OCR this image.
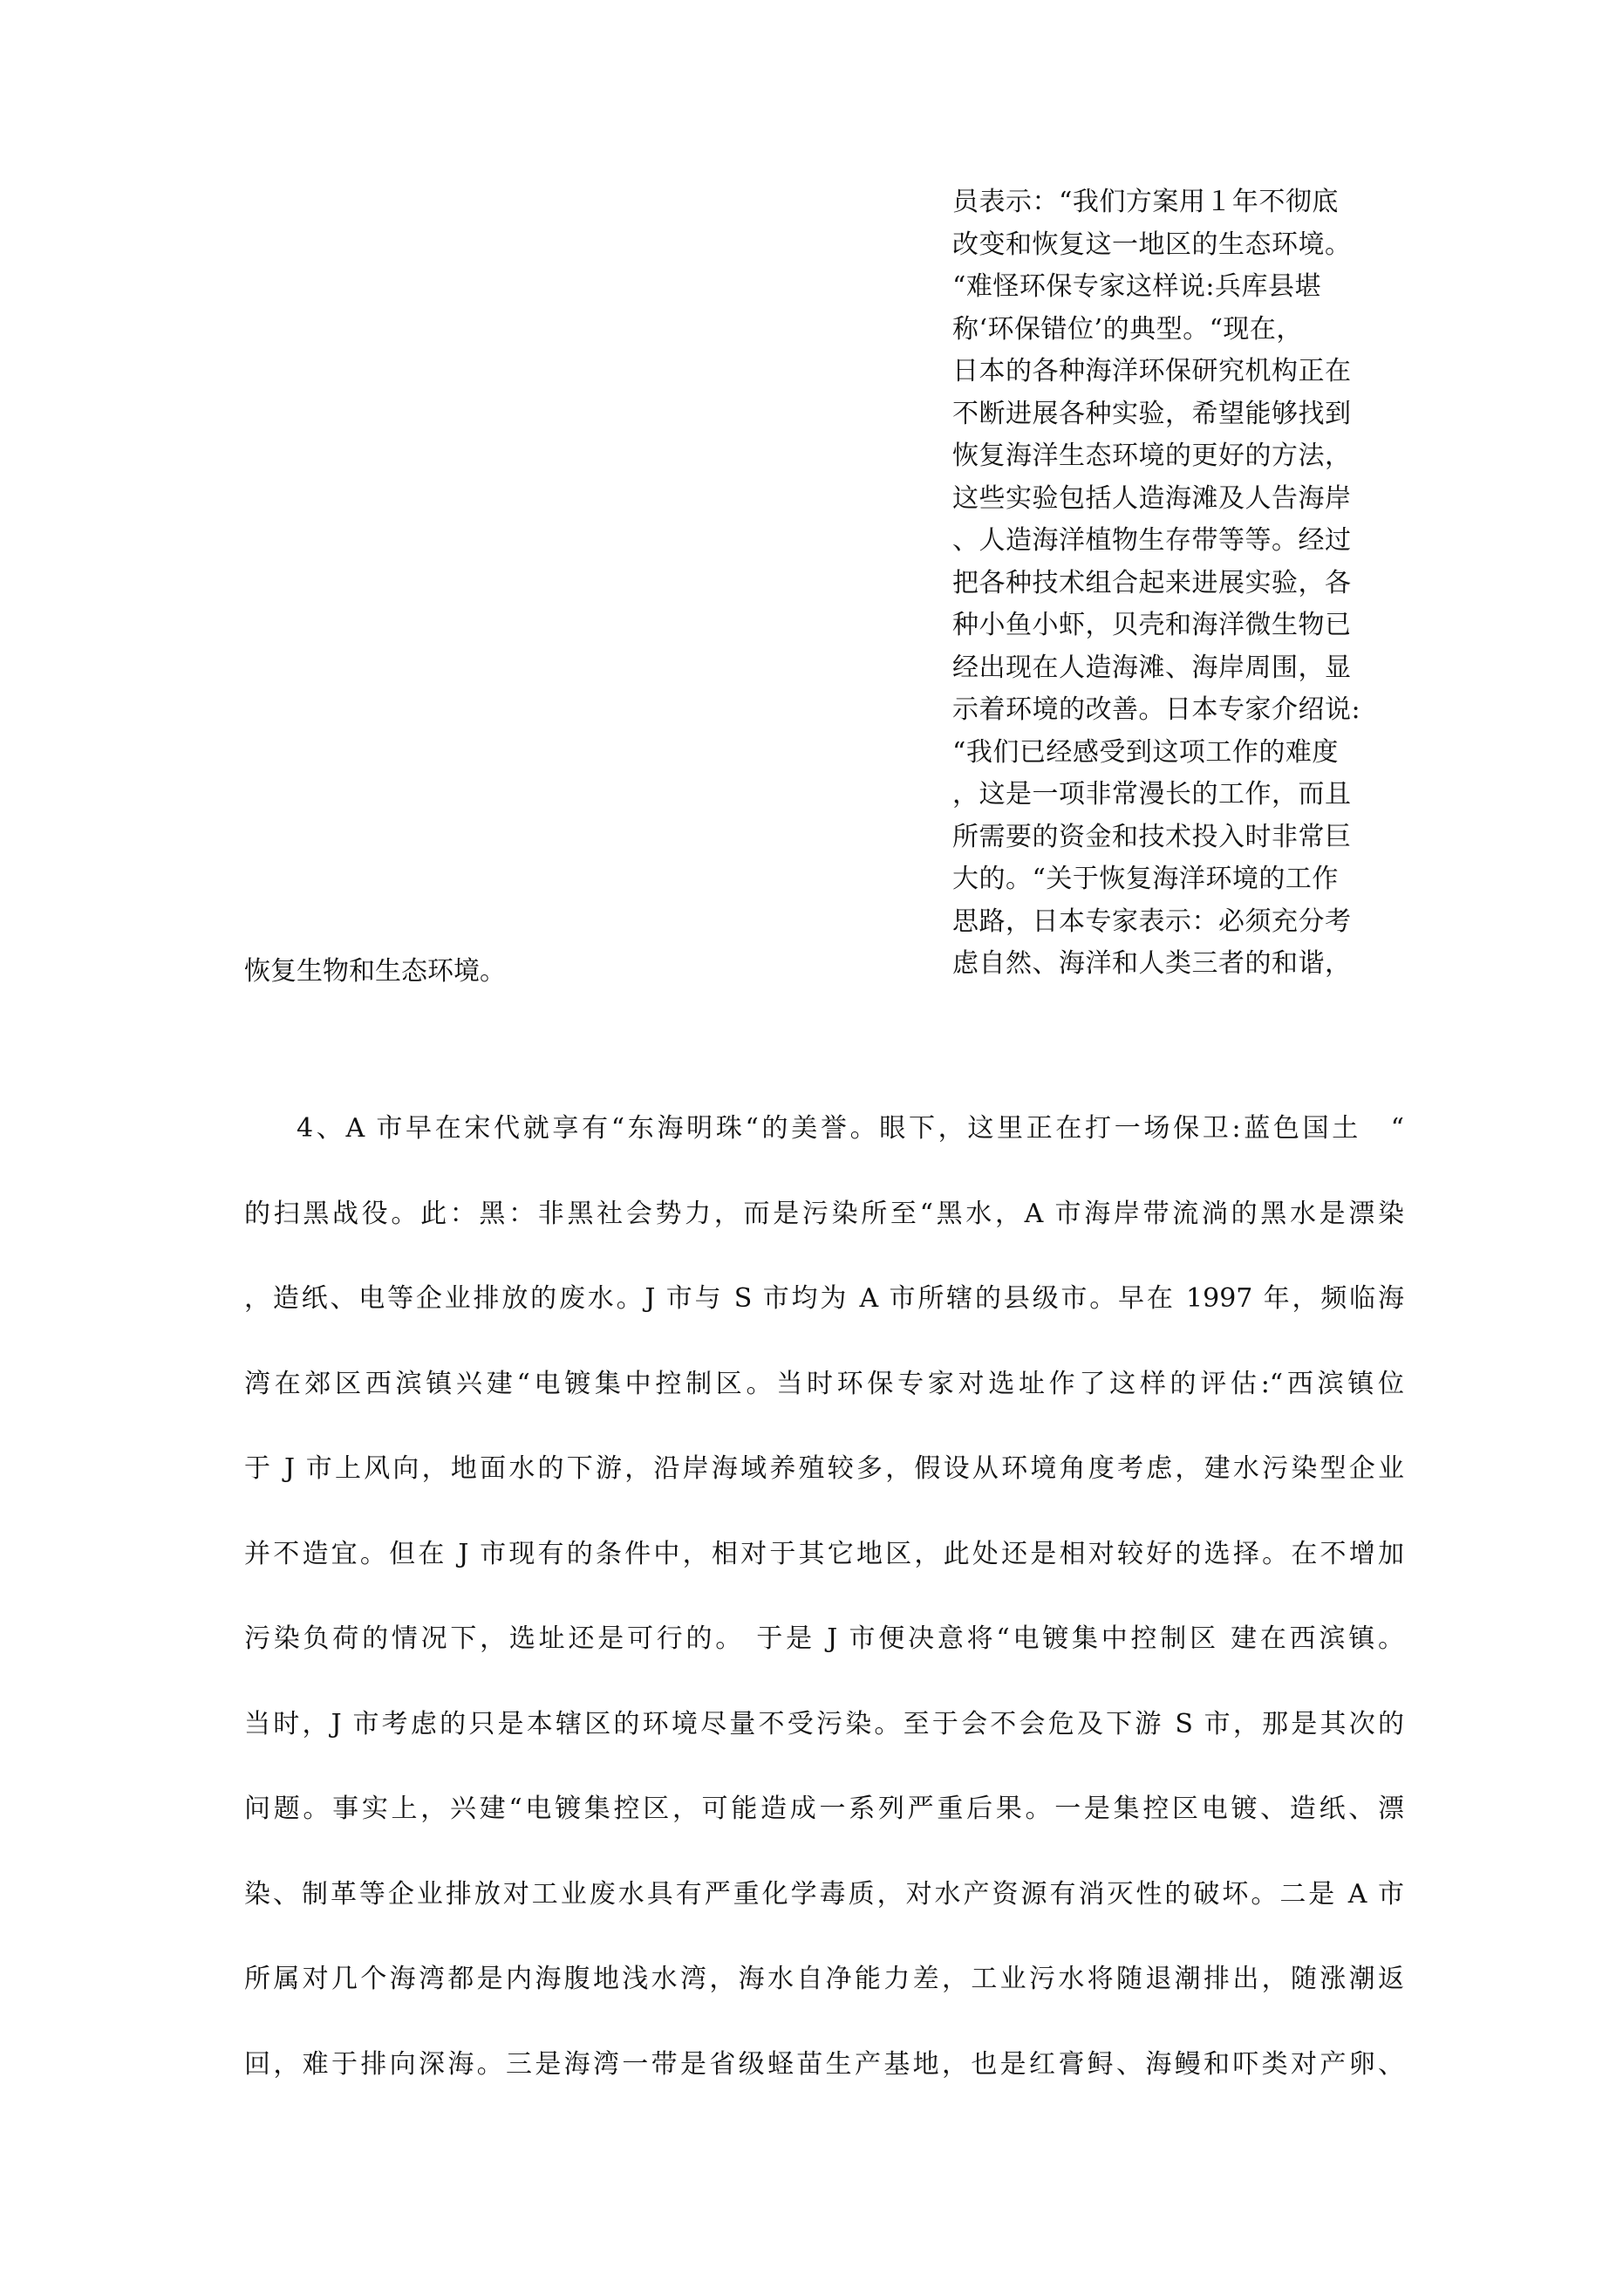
员表示：“我们方案用１年不彻底
改变和恢复这一地区的生态环境。
“难怪环保专家这样说:兵库县堪
称‘环保错位’的典型。“现在，
日本的各种海洋环保研究机构正在
不断进展各种实验，希望能够找到
恢复海洋生态环境的更好的方法，
这些实验包括人造海滩及人告海岸
、人造海洋植物生存带等等。经过
把各种技术组合起来进展实验，各
种小鱼小虾，贝壳和海洋微生物已
经出现在人造海滩、海岸周围，显
示着环境的改善。日本专家介绍说:
“我们已经感受到这项工作的难度
，这是一项非常漫长的工作，而且
所需要的资金和技术投入时非常巨
大的。“关于恢复海洋环境的工作
思路，日本专家表示：必须充分考
虑自然、海洋和人类三者的和谐，
恢复生物和生态环境。
4、A 市早在宋代就享有“东海明珠“的美誉。眼下，这里正在打一场保卫:蓝色国土　“
的扫黑战役。此：黑：非黑社会势力，而是污染所至“黑水，A 市海岸带流淌的黑水是漂染
，造纸、电等企业排放的废水。J 市与 S 市均为 A 市所辖的县级市。早在 1997 年，频临海
湾在郊区西滨镇兴建“电镀集中控制区。当时环保专家对选址作了这样的评估:“西滨镇位
于 J 市上风向，地面水的下游，沿岸海域养殖较多，假设从环境角度考虑，建水污染型企业
并不造宜。但在 J 市现有的条件中，相对于其它地区，此处还是相对较好的选择。在不增加
污染负荷的情况下，选址还是可行的。 于是 J 市便决意将“电镀集中控制区 建在西滨镇。
当时，J 市考虑的只是本辖区的环境尽量不受污染。至于会不会危及下游 S 市，那是其次的
问题。事实上，兴建“电镀集控区，可能造成一系列严重后果。一是集控区电镀、造纸、漂
染、制革等企业排放对工业废水具有严重化学毒质，对水产资源有消灭性的破坏。二是 A 市
所属对几个海湾都是内海腹地浅水湾，海水自净能力差，工业污水将随退潮排出，随涨潮返
回，难于排向深海。三是海湾一带是省级蛏苗生产基地，也是红膏鲟、海鳗和吓类对产卵、
